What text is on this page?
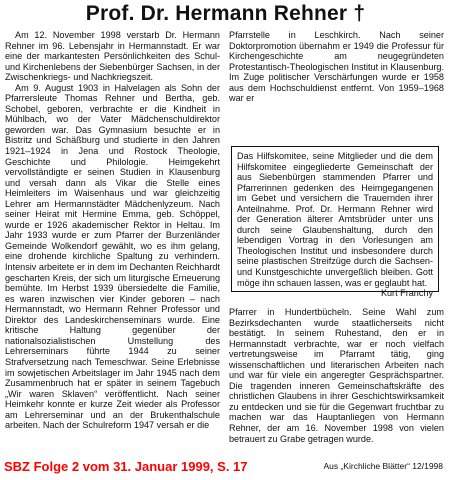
Prof. Dr. Hermann Rehner †

Am 12. November 1998 verstarb Dr. Hermann Rehner im 96. Lebensjahr in Hermannstadt. Er war eine der markantesten Persönlichkeiten des Schul- und Kirchenlebens der Siebenbürger Sachsen, in der Zwischenkriegs- und Nachkriegszeit.

Am 9. August 1903 in Halvelagen als Sohn der Pfarrersleute Thomas Rehner und Bertha, geb. Schobel, geboren, verbrachte er die Kindheit in Mühlbach, wo der Vater Mädchenschuldirektor geworden war. Das Gymnasium besuchte er in Bistritz und Schäßburg und studierte in den Jahren 1921–1924 in Jena und Rostock Theologie, Geschichte und Philologie. Heimgekehrt vervollständigte er seinen Studien in Klausenburg und versah dann als Vikar die Stelle eines Heimleiters im Waisenhaus und war gleichzeitig Lehrer am Hermannstädter Mädchenlyzeum. Nach seiner Heirat mit Hermine Emma, geb. Schöppel, wurde er 1926 akademischer Rektor in Heltau. Im Jahr 1933 wurde er zum Pfarrer der Burzenländer Gemeinde Wolkendorf gewählt, wo es ihm gelang, eine drohende kirchliche Spaltung zu verhindern. Intensiv arbeitete er in dem im Dechanten Reichhardt gescharten Kreis, der sich um liturgische Erneuerung bemühte. Im Herbst 1939 übersiedelte die Familie, es waren inzwischen vier Kinder geboren – nach Hermannstadt, wo Hermann Rehner Professor und Direktor des Landeskirchenseminars wurde. Eine kritische Haltung gegenüber der nationalsozialistischen Umstellung des Lehrerseminars führte 1944 zu seiner Strafversetzung nach Temeschwar. Seine Erlebnisse im sowjetischen Arbeitslager im Jahr 1945 nach dem Zusammenbruch hat er später in seinem Tagebuch „Wir waren Sklaven“ veröffentlicht. Nach seiner Heimkehr konnte er kurze Zeit wieder als Professor am Lehrerseminar und an der Brukenthalschule arbeiten. Nach der Schulreform 1947 versah er die

Pfarrstelle in Leschkirch. Nach seiner Doktorpromotion übernahm er 1949 die Professur für Kirchengeschichte am neugegründeten Protestantisch-Theologischen Institut in Klausenburg. Im Zuge politischer Verschärfungen wurde er 1958 aus dem Hochschuldienst entfernt. Von 1959–1968 war er

Das Hilfskomitee, seine Mitglieder und die dem Hilfskomitee eingegliederte Gemeinschaft der aus Siebenbürgen stammenden Pfarrer und Pfarrerinnen gedenken des Heimgegangenen im Gebet und versichern die Trauernden ihrer Anteilnahme. Prof. Dr. Hermann Rehner wird der Generation älterer Amtsbrüder unter uns durch seine Glaubenshaltung, durch den lebendigen Vortrag in den Vorlesungen am Theologischen Institut und insbesondere durch seine plastischen Streifzüge durch die Sachsen- und Kunstgeschichte unvergeßlich bleiben. Gott möge ihn schauen lassen, was er geglaubt hat.
Kurt Franchy

Pfarrer in Hundertbücheln. Seine Wahl zum Bezirksdechanten wurde staatlicherseits nicht bestätigt. In seinem Ruhestand, den er in Hermannstadt verbrachte, war er noch vielfach vertretungsweise im Pfarramt tätig, ging wissenschaftlichen und literarischen Arbeiten nach und war für viele ein angeregter Gesprächspartner. Die tragenden inneren Gemeinschaftskräfte des christlichen Glaubens in ihrer Geschichtswirksamkeit zu entdecken und sie für die Gegenwart fruchtbar zu machen war das Hauptanliegen von Hermann Rehner, der am 16. November 1998 von vielen betrauert zu Grabe getragen wurde.

Aus „Kirchliche Blätter“ 12/1998
SBZ Folge 2 vom 31. Januar 1999, S. 17
